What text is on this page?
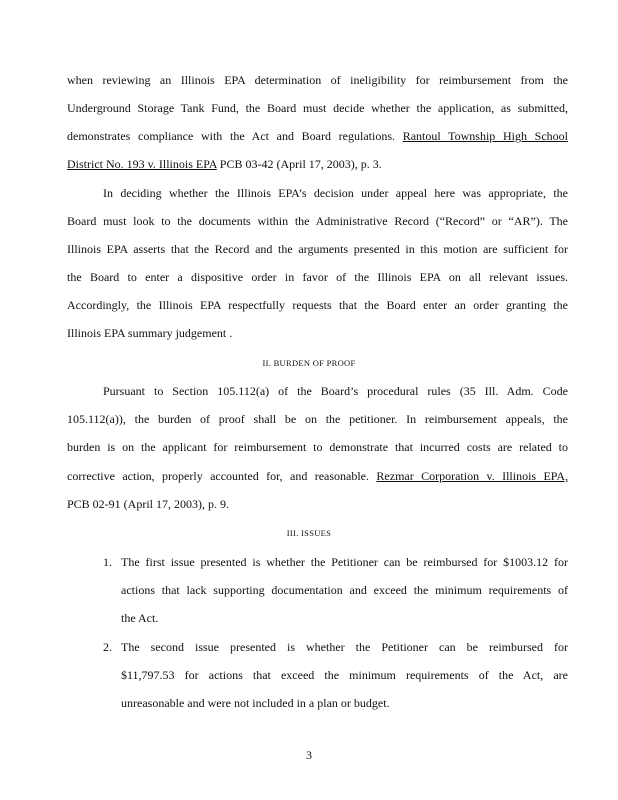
when reviewing an Illinois EPA determination of ineligibility for reimbursement from the
Underground Storage Tank Fund, the Board must decide whether the application, as submitted,
demonstrates compliance with the Act and Board regulations. Rantoul Township High School
District No. 193 v. Illinois EPA PCB 03-42 (April 17, 2003), p. 3.
In deciding whether the Illinois EPA’s decision under appeal here was appropriate, the
Board must look to the documents within the Administrative Record (“Record” or “AR”). The
Illinois EPA asserts that the Record and the arguments presented in this motion are sufficient for
the Board to enter a dispositive order in favor of the Illinois EPA on all relevant issues.
Accordingly, the Illinois EPA respectfully requests that the Board enter an order granting the
Illinois EPA summary judgement .
II. BURDEN OF PROOF
Pursuant to Section 105.112(a) of the Board’s procedural rules (35 Ill. Adm. Code
105.112(a)), the burden of proof shall be on the petitioner. In reimbursement appeals, the
burden is on the applicant for reimbursement to demonstrate that incurred costs are related to
corrective action, properly accounted for, and reasonable. Rezmar Corporation v. Illinois EPA,
PCB 02-91 (April 17, 2003), p. 9.
III. ISSUES
1. The first issue presented is whether the Petitioner can be reimbursed for $1003.12 for
actions that lack supporting documentation and exceed the minimum requirements of
the Act.
2. The second issue presented is whether the Petitioner can be reimbursed for
$11,797.53 for actions that exceed the minimum requirements of the Act, are
unreasonable and were not included in a plan or budget.
3
